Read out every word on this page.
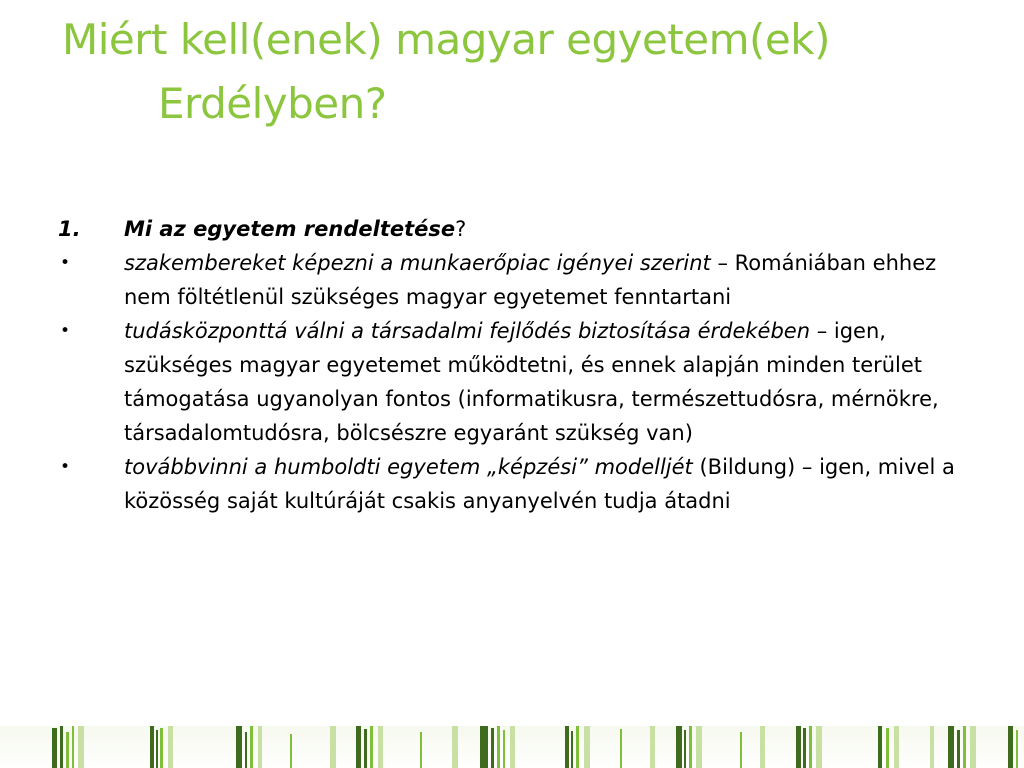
Miért kell(enek) magyar egyetem(ek)
Erdélyben?
1. Mi az egyetem rendeltetése?
•	szakembereket képezni a munkaerőpiac igényei szerint – Romániában ehhez nem föltétlenül szükséges magyar egyetemet fenntartani
•	tudásközponttá válni a társadalmi fejlődés biztosítása érdekében – igen, szükséges magyar egyetemet működtetni, és ennek alapján minden terület támogatása ugyanolyan fontos (informatikusra, természettudósra, mérnökre, társadalomtudósra, bölcsészre egyaránt szükség van)
•	továbbvinni a humboldti egyetem „képzési” modelljét (Bildung) – igen, mivel a közösség saját kultúráját csakis anyanyelvén tudja átadni
